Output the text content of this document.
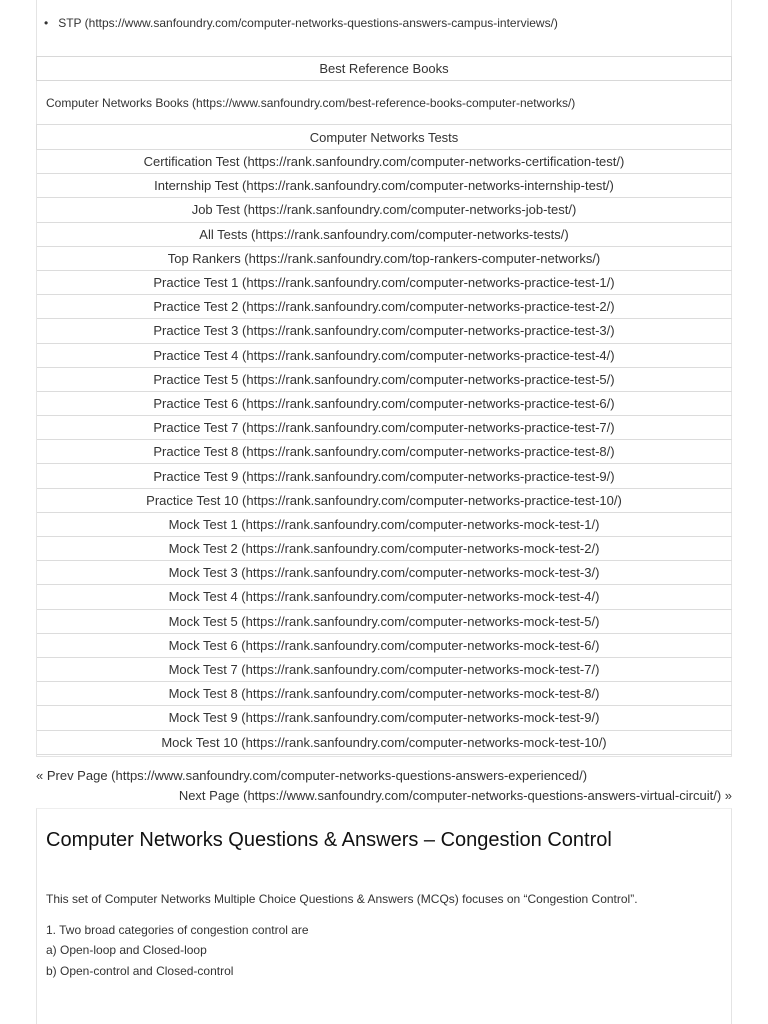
• STP (https://www.sanfoundry.com/computer-networks-questions-answers-campus-interviews/)
Best Reference Books
Computer Networks Books (https://www.sanfoundry.com/best-reference-books-computer-networks/)
Computer Networks Tests
Certification Test (https://rank.sanfoundry.com/computer-networks-certification-test/)
Internship Test (https://rank.sanfoundry.com/computer-networks-internship-test/)
Job Test (https://rank.sanfoundry.com/computer-networks-job-test/)
All Tests (https://rank.sanfoundry.com/computer-networks-tests/)
Top Rankers (https://rank.sanfoundry.com/top-rankers-computer-networks/)
Practice Test 1 (https://rank.sanfoundry.com/computer-networks-practice-test-1/)
Practice Test 2 (https://rank.sanfoundry.com/computer-networks-practice-test-2/)
Practice Test 3 (https://rank.sanfoundry.com/computer-networks-practice-test-3/)
Practice Test 4 (https://rank.sanfoundry.com/computer-networks-practice-test-4/)
Practice Test 5 (https://rank.sanfoundry.com/computer-networks-practice-test-5/)
Practice Test 6 (https://rank.sanfoundry.com/computer-networks-practice-test-6/)
Practice Test 7 (https://rank.sanfoundry.com/computer-networks-practice-test-7/)
Practice Test 8 (https://rank.sanfoundry.com/computer-networks-practice-test-8/)
Practice Test 9 (https://rank.sanfoundry.com/computer-networks-practice-test-9/)
Practice Test 10 (https://rank.sanfoundry.com/computer-networks-practice-test-10/)
Mock Test 1 (https://rank.sanfoundry.com/computer-networks-mock-test-1/)
Mock Test 2 (https://rank.sanfoundry.com/computer-networks-mock-test-2/)
Mock Test 3 (https://rank.sanfoundry.com/computer-networks-mock-test-3/)
Mock Test 4 (https://rank.sanfoundry.com/computer-networks-mock-test-4/)
Mock Test 5 (https://rank.sanfoundry.com/computer-networks-mock-test-5/)
Mock Test 6 (https://rank.sanfoundry.com/computer-networks-mock-test-6/)
Mock Test 7 (https://rank.sanfoundry.com/computer-networks-mock-test-7/)
Mock Test 8 (https://rank.sanfoundry.com/computer-networks-mock-test-8/)
Mock Test 9 (https://rank.sanfoundry.com/computer-networks-mock-test-9/)
Mock Test 10 (https://rank.sanfoundry.com/computer-networks-mock-test-10/)
« Prev Page (https://www.sanfoundry.com/computer-networks-questions-answers-experienced/)
Next Page (https://www.sanfoundry.com/computer-networks-questions-answers-virtual-circuit/) »
Computer Networks Questions & Answers – Congestion Control
This set of Computer Networks Multiple Choice Questions & Answers (MCQs) focuses on “Congestion Control”.
1. Two broad categories of congestion control are
a) Open-loop and Closed-loop
b) Open-control and Closed-control
